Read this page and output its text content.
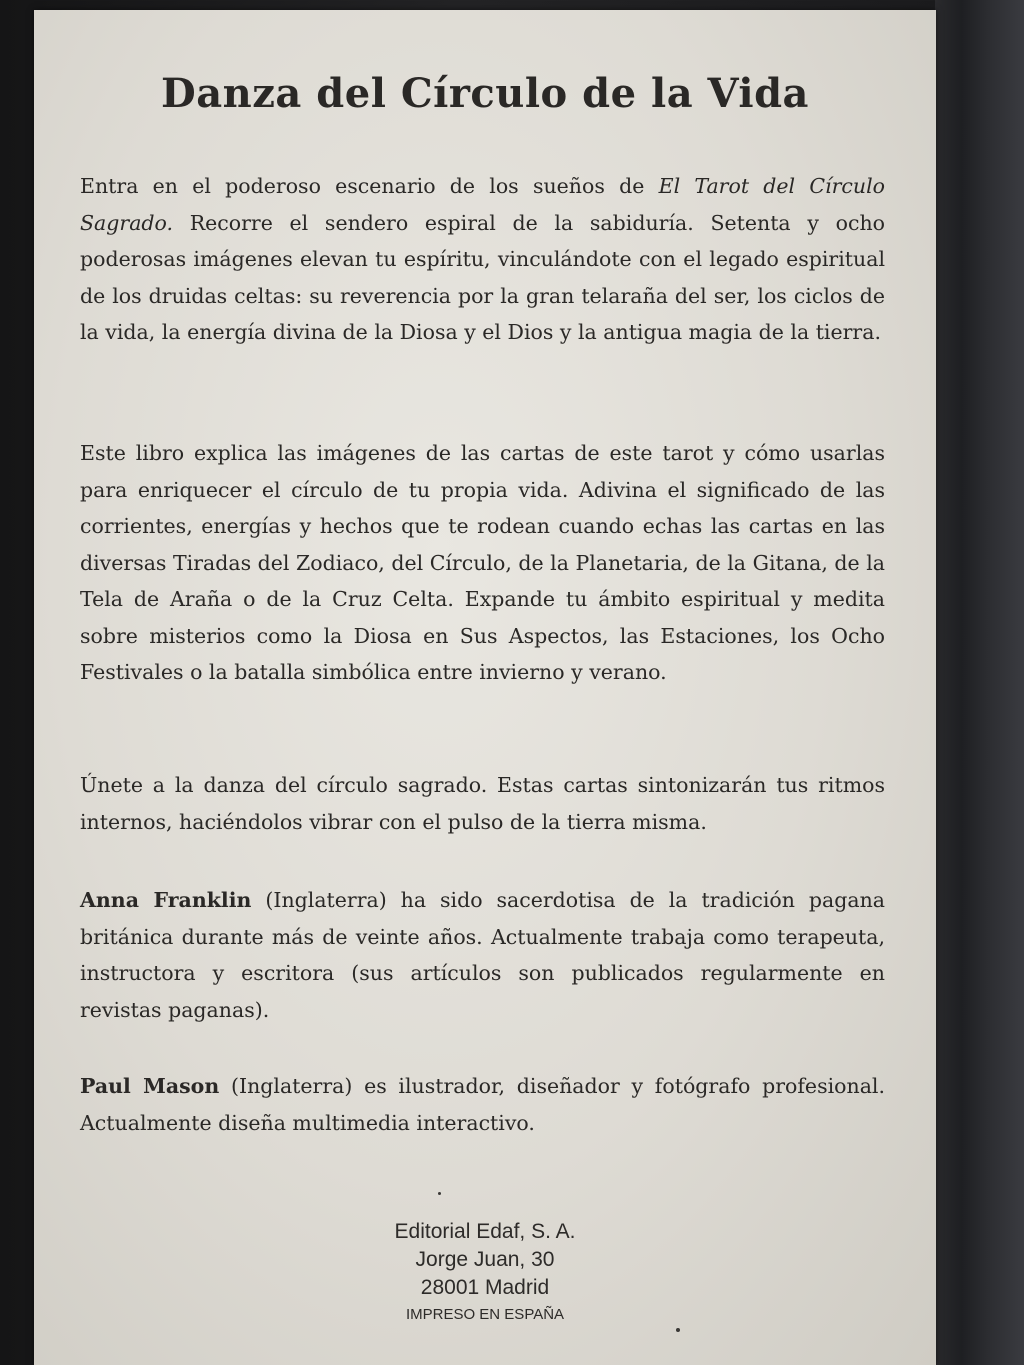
Danza del Círculo de la Vida
Entra en el poderoso escenario de los sueños de El Tarot del Círculo Sagrado. Recorre el sendero espiral de la sabiduría. Setenta y ocho poderosas imágenes elevan tu espíritu, vinculándote con el legado espiritual de los druidas celtas: su reverencia por la gran telaraña del ser, los ciclos de la vida, la energía divina de la Diosa y el Dios y la antigua magia de la tierra.
Este libro explica las imágenes de las cartas de este tarot y cómo usarlas para enriquecer el círculo de tu propia vida. Adivina el significado de las corrientes, energías y hechos que te rodean cuando echas las cartas en las diversas Tiradas del Zodiaco, del Círculo, de la Planetaria, de la Gitana, de la Tela de Araña o de la Cruz Celta. Expande tu ámbito espiritual y medita sobre misterios como la Diosa en Sus Aspectos, las Estaciones, los Ocho Festivales o la batalla simbólica entre invierno y verano.
Únete a la danza del círculo sagrado. Estas cartas sintonizarán tus ritmos internos, haciéndolos vibrar con el pulso de la tierra misma.
Anna Franklin (Inglaterra) ha sido sacerdotisa de la tradición pagana británica durante más de veinte años. Actualmente trabaja como terapeuta, instructora y escritora (sus artículos son publicados regularmente en revistas paganas).
Paul Mason (Inglaterra) es ilustrador, diseñador y fotógrafo profesional. Actualmente diseña multimedia interactivo.
Editorial Edaf, S. A.
Jorge Juan, 30
28001 Madrid
IMPRESO EN ESPAÑA
